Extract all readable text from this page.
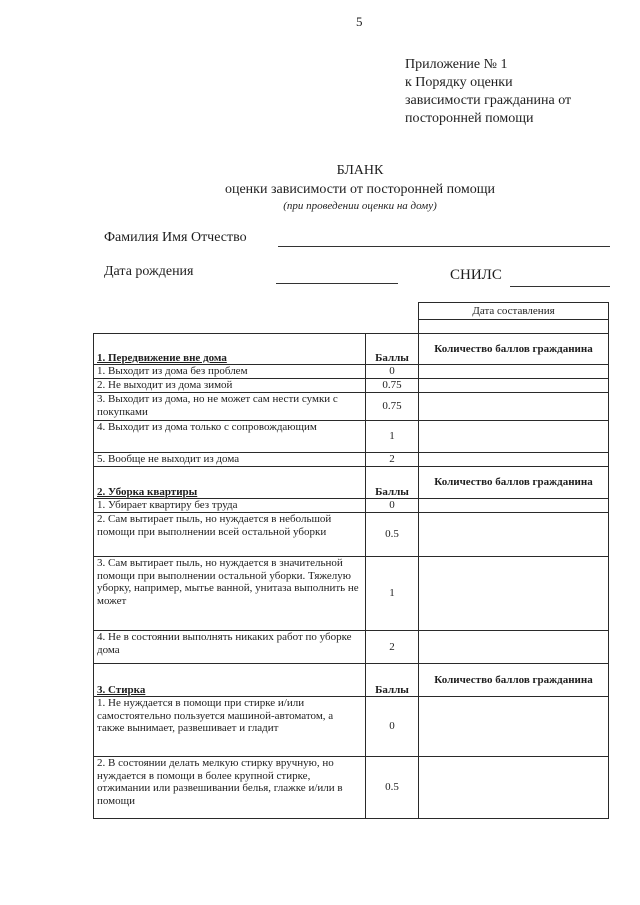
5
Приложение № 1
к Порядку оценки
зависимости гражданина от
посторонней помощи
БЛАНК
оценки зависимости от посторонней помощи
(при проведении оценки на дому)
Фамилия Имя Отчество
Дата рождения	СНИЛС
		Дата составления

1. Передвижение вне дома	Баллы	Количество баллов гражданина
1. Выходит из дома без проблем	0	
2. Не выходит из дома зимой	0.75	
3. Выходит из дома, но не может сам нести сумки с покупками	0.75	
4. Выходит из дома только с сопровождающим	1	
5. Вообще не выходит из дома	2	
2. Уборка квартиры	Баллы	Количество баллов гражданина
1. Убирает квартиру без труда	0	
2. Сам вытирает пыль, но нуждается в небольшой помощи при выполнении всей остальной уборки	0.5	
3. Сам вытирает пыль, но нуждается в значительной помощи при выполнении остальной уборки. Тяжелую уборку, например, мытье ванной, унитаза выполнить не может	1	
4. Не в состоянии выполнять никаких работ по уборке дома	2	
3. Стирка	Баллы	Количество баллов гражданина
1. Не нуждается в помощи при стирке и/или самостоятельно пользуется машиной-автоматом, а также вынимает, развешивает и гладит	0	
2. В состоянии делать мелкую стирку вручную, но нуждается в помощи в более крупной стирке, отжимании или развешивании белья, глажке и/или в помощи	0.5	
